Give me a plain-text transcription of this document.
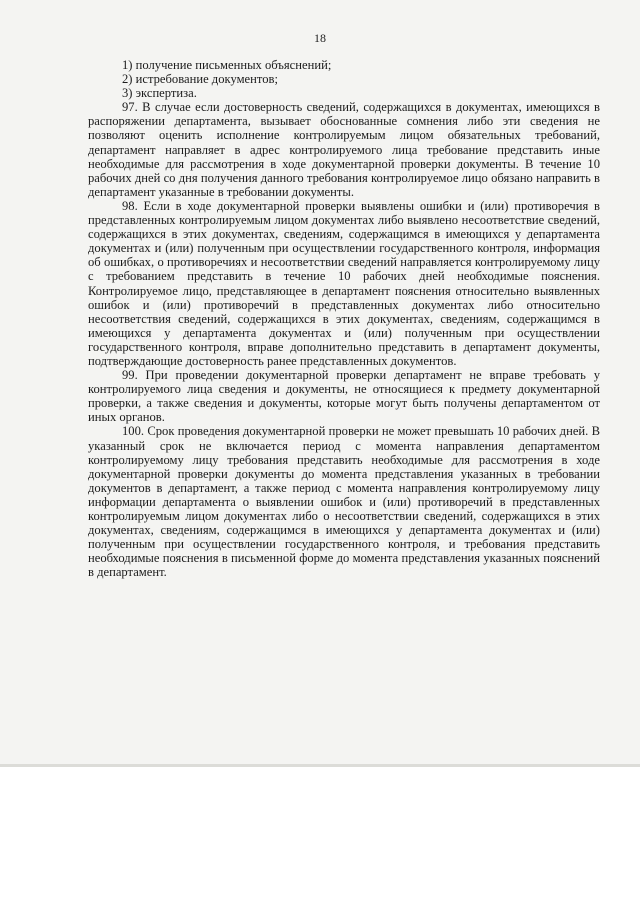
18

1) получение письменных объяснений;

2) истребование документов;

3) экспертиза.

97. В случае если достоверность сведений, содержащихся в документах, имеющихся в распоряжении департамента, вызывает обоснованные сомнения либо эти сведения не позволяют оценить исполнение контролируемым лицом обязательных требований, департамент направляет в адрес контролируемого лица требование представить иные необходимые для рассмотрения в ходе документарной проверки документы. В течение 10 рабочих дней со дня получения данного требования контролируемое лицо обязано направить в департамент указанные в требовании документы.

98. Если в ходе документарной проверки выявлены ошибки и (или) противоречия в представленных контролируемым лицом документах либо выявлено несоответствие сведений, содержащихся в этих документах, сведениям, содержащимся в имеющихся у департамента документах и (или) полученным при осуществлении государственного контроля, информация об ошибках, о противоречиях и несоответствии сведений направляется контролируемому лицу с требованием представить в течение 10 рабочих дней необходимые пояснения. Контролируемое лицо, представляющее в департамент пояснения относительно выявленных ошибок и (или) противоречий в представленных документах либо относительно несоответствия сведений, содержащихся в этих документах, сведениям, содержащимся в имеющихся у департамента документах и (или) полученным при осуществлении государственного контроля, вправе дополнительно представить в департамент документы, подтверждающие достоверность ранее представленных документов.

99. При проведении документарной проверки департамент не вправе требовать у контролируемого лица сведения и документы, не относящиеся к предмету документарной проверки, а также сведения и документы, которые могут быть получены департаментом от иных органов.

100. Срок проведения документарной проверки не может превышать 10 рабочих дней. В указанный срок не включается период с момента направления департаментом контролируемому лицу требования представить необходимые для рассмотрения в ходе документарной проверки документы до момента представления указанных в требовании документов в департамент, а также период с момента направления контролируемому лицу информации департамента о выявлении ошибок и (или) противоречий в представленных контролируемым лицом документах либо о несоответствии сведений, содержащихся в этих документах, сведениям, содержащимся в имеющихся у департамента документах и (или) полученным при осуществлении государственного контроля, и требования представить необходимые пояснения в письменной форме до момента представления указанных пояснений в департамент.
